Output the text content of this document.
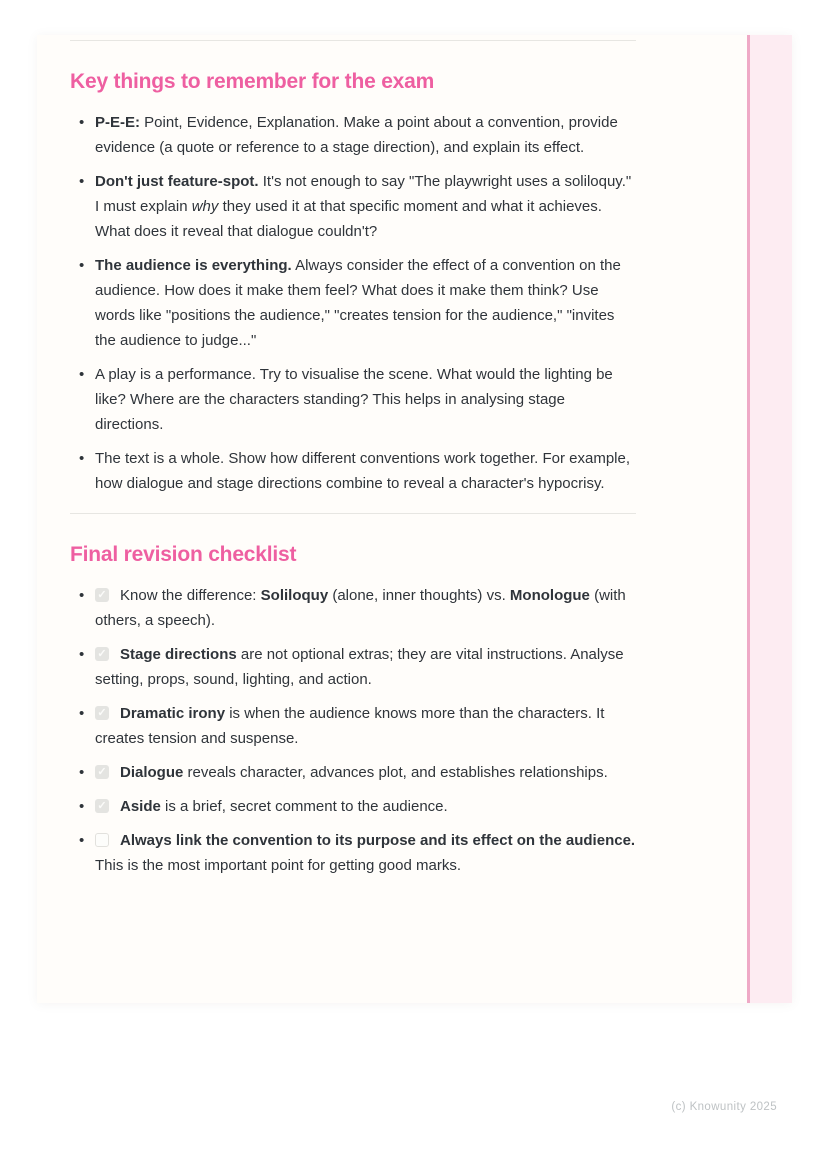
Key things to remember for the exam
• P-E-E: Point, Evidence, Explanation. Make a point about a convention, provide evidence (a quote or reference to a stage direction), and explain its effect.
• Don't just feature-spot. It's not enough to say "The playwright uses a soliloquy." I must explain why they used it at that specific moment and what it achieves. What does it reveal that dialogue couldn't?
• The audience is everything. Always consider the effect of a convention on the audience. How does it make them feel? What does it make them think? Use words like "positions the audience," "creates tension for the audience," "invites the audience to judge..."
• A play is a performance. Try to visualise the scene. What would the lighting be like? Where are the characters standing? This helps in analysing stage directions.
• The text is a whole. Show how different conventions work together. For example, how dialogue and stage directions combine to reveal a character's hypocrisy.
Final revision checklist
✓• Know the difference: Soliloquy (alone, inner thoughts) vs. Monologue (with others, a speech).
✓• Stage directions are not optional extras; they are vital instructions. Analyse setting, props, sound, lighting, and action.
✓• Dramatic irony is when the audience knows more than the characters. It creates tension and suspense.
✓• Dialogue reveals character, advances plot, and establishes relationships.
✓• Aside is a brief, secret comment to the audience.
• Always link the convention to its purpose and its effect on the audience. This is the most important point for getting good marks.
(c) Knowunity 2025
